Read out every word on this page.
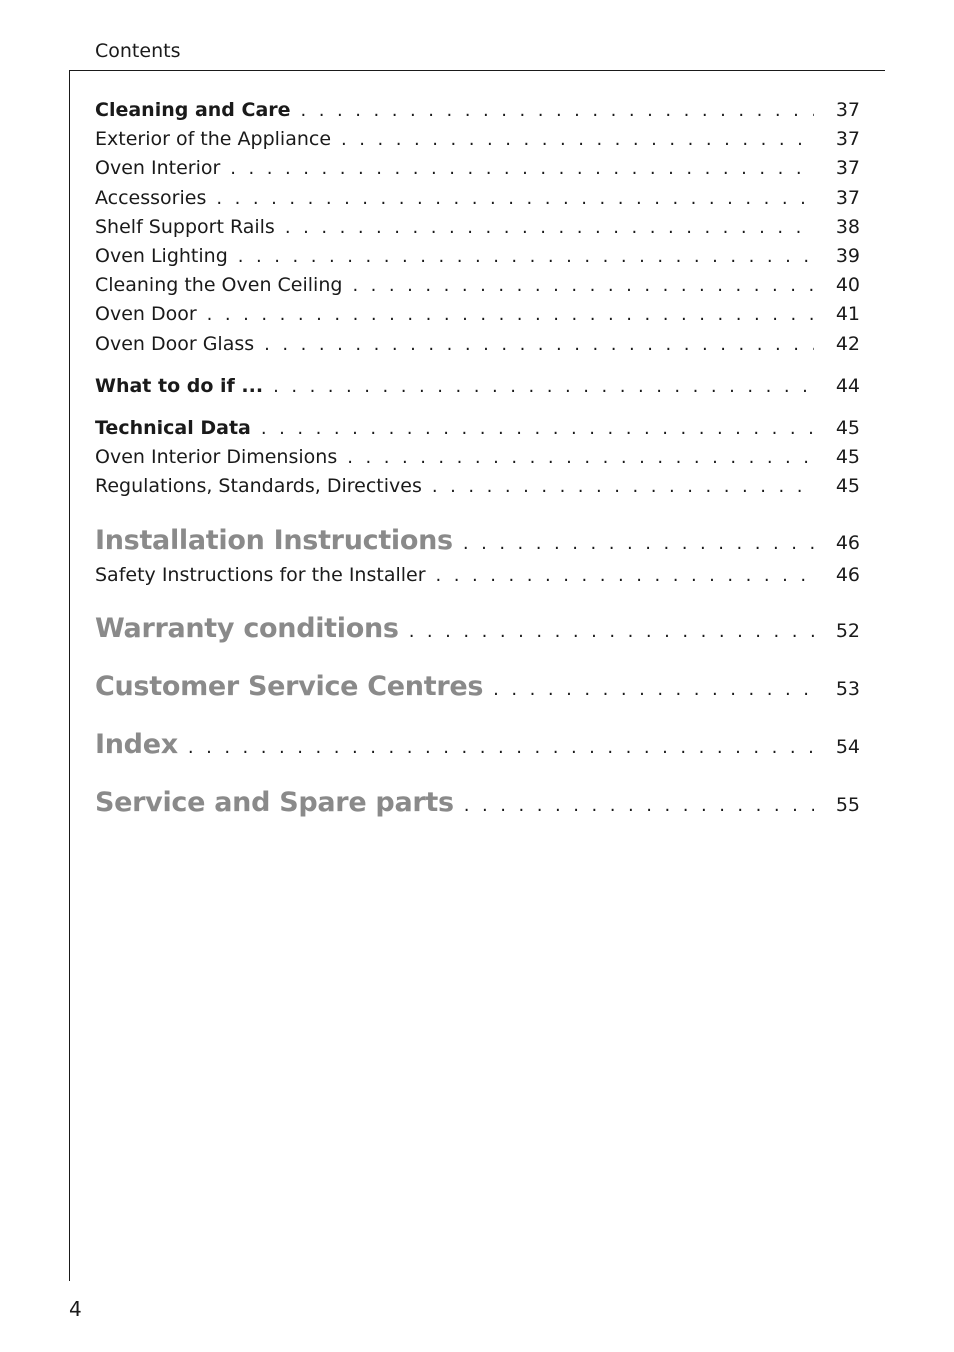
Contents
Cleaning and Care . . .	37
Exterior of the Appliance . . .	37
Oven Interior . . .	37
Accessories . . .	37
Shelf Support Rails . . .	38
Oven Lighting . . .	39
Cleaning the Oven Ceiling . . .	40
Oven Door . . .	41
Oven Door Glass . . .	42
What to do if ... . . .	44
Technical Data . . .	45
Oven Interior Dimensions . . .	45
Regulations, Standards, Directives . . .	45
Installation Instructions . . .	46
Safety Instructions for the Installer . . .	46
Warranty conditions . . .	52
Customer Service Centres . . .	53
Index . . .	54
Service and Spare parts . . .	55
4
